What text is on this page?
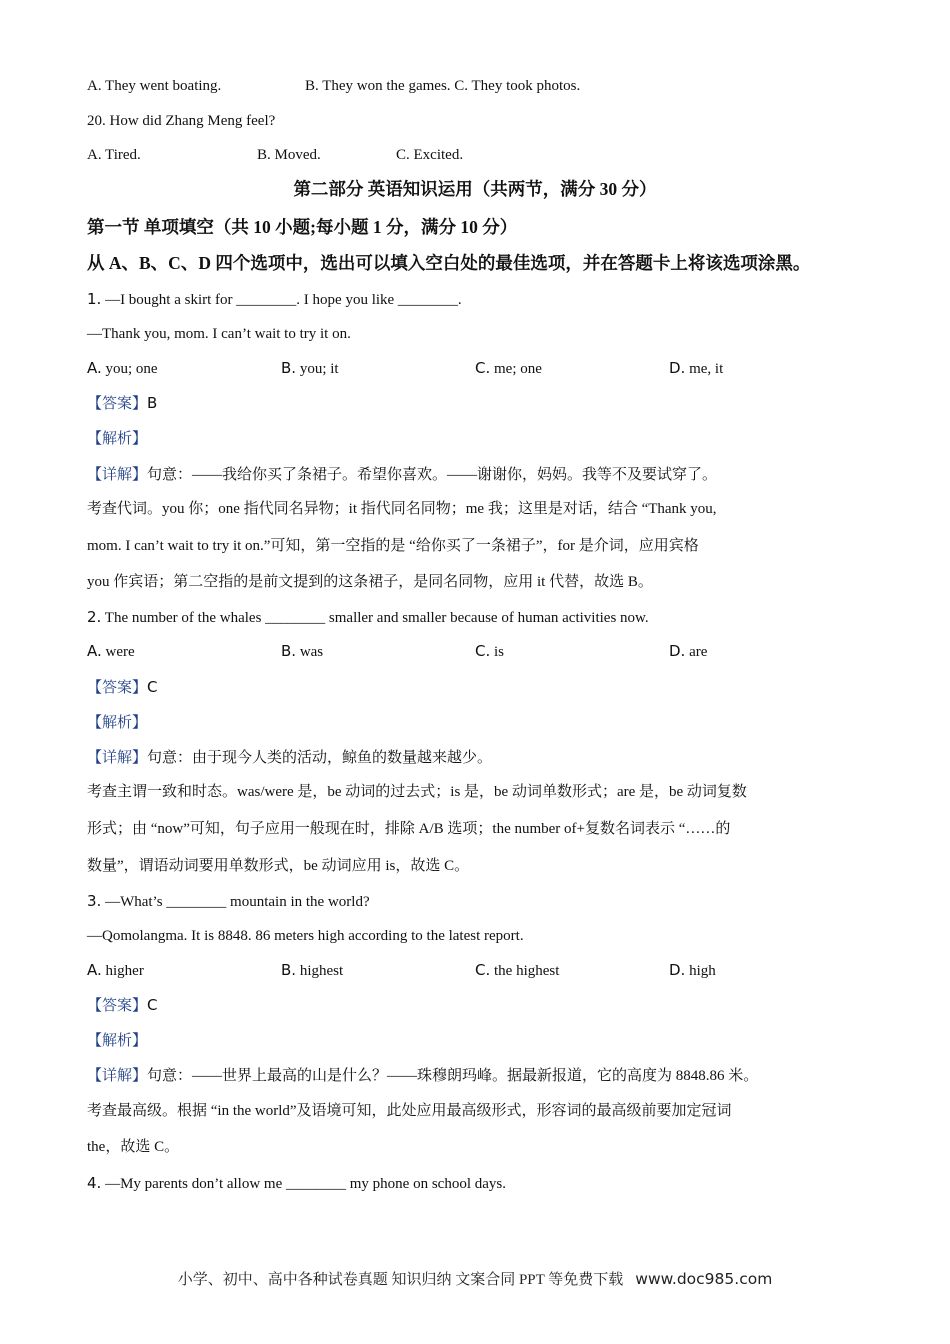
A. They went boating.	B. They won the games. C. They took photos.
20. How did Zhang Meng feel?
A. Tired.	B. Moved.	C. Excited.
第二部分 英语知识运用（共两节，满分 30 分）
第一节 单项填空（共 10 小题;每小题 1 分，满分 10 分）
从 A、B、C、D 四个选项中，选出可以填入空白处的最佳选项，并在答题卡上将该选项涂黑。
1. —I bought a skirt for ________. I hope you like ________.
—Thank you, mom. I can’t wait to try it on.
A. you; one	B. you; it	C. me; one	D. me, it
【答案】B
【解析】
【详解】句意：——我给你买了条裙子。希望你喜欢。——谢谢你，妈妈。我等不及要试穿了。
考查代词。you 你；one 指代同名异物；it 指代同名同物；me 我；这里是对话，结合 “Thank you,
mom. I can’t wait to try it on.”可知，第一空指的是 “给你买了一条裙子”，for 是介词，应用宾格
you 作宾语；第二空指的是前文提到的这条裙子，是同名同物，应用 it 代替，故选 B。
2. The number of the whales ________ smaller and smaller because of human activities now.
A. were	B. was	C. is	D. are
【答案】C
【解析】
【详解】句意：由于现今人类的活动，鲸鱼的数量越来越少。
考查主谓一致和时态。was/were 是，be 动词的过去式；is 是，be 动词单数形式；are 是，be 动词复数
形式；由 “now”可知，句子应用一般现在时，排除 A/B 选项；the number of+复数名词表示 “……的
数量”，谓语动词要用单数形式，be 动词应用 is，故选 C。
3. —What’s ________ mountain in the world?
—Qomolangma. It is 8848. 86 meters high according to the latest report.
A. higher	B. highest	C. the highest	D. high
【答案】C
【解析】
【详解】句意：——世界上最高的山是什么？——珠穆朗玛峰。据最新报道，它的高度为 8848.86 米。
考查最高级。根据 “in the world”及语境可知，此处应用最高级形式，形容词的最高级前要加定冠词
the，故选 C。
4. —My parents don’t allow me ________ my phone on school days.
小学、初中、高中各种试卷真题 知识归纳 文案合同 PPT 等免费下载 www.doc985.com
